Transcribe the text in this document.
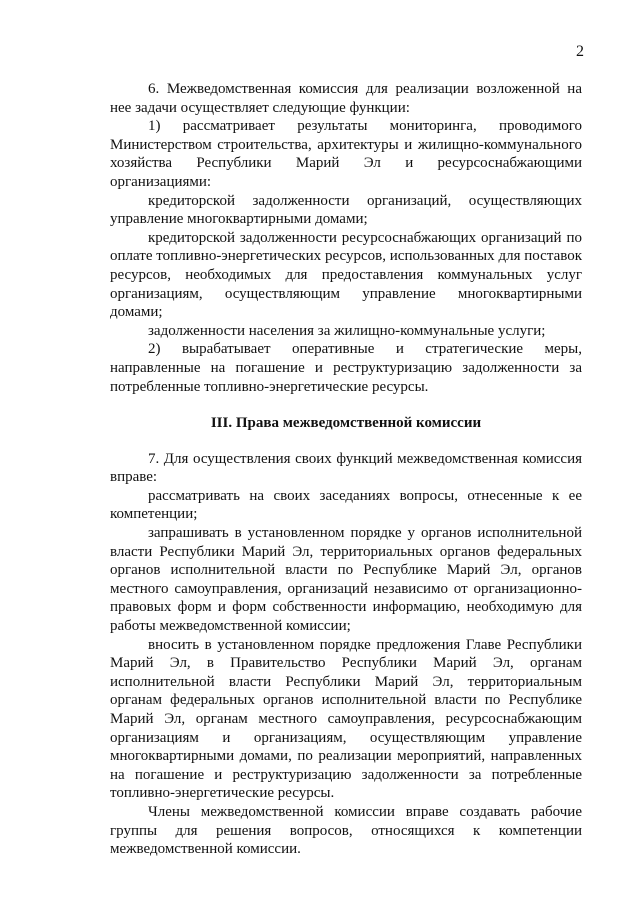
2

6. Межведомственная комиссия для реализации возложенной на нее задачи осуществляет следующие функции:

1) рассматривает результаты мониторинга, проводимого Министерством строительства, архитектуры и жилищно-коммунального хозяйства Республики Марий Эл и ресурсоснабжающими организациями:

кредиторской задолженности организаций, осуществляющих управление многоквартирными домами;

кредиторской задолженности ресурсоснабжающих организаций по оплате топливно-энергетических ресурсов, использованных для поставок ресурсов, необходимых для предоставления коммунальных услуг организациям, осуществляющим управление многоквартирными домами;

задолженности населения за жилищно-коммунальные услуги;

2) вырабатывает оперативные и стратегические меры, направленные на погашение и реструктуризацию задолженности за потребленные топливно-энергетические ресурсы.

III. Права межведомственной комиссии

7. Для осуществления своих функций межведомственная комиссия вправе:

рассматривать на своих заседаниях вопросы, отнесенные к ее компетенции;

запрашивать в установленном порядке у органов исполнительной власти Республики Марий Эл, территориальных органов федеральных органов исполнительной власти по Республике Марий Эл, органов местного самоуправления, организаций независимо от организационно-правовых форм и форм собственности информацию, необходимую для работы межведомственной комиссии;

вносить в установленном порядке предложения Главе Республики Марий Эл, в Правительство Республики Марий Эл, органам исполнительной власти Республики Марий Эл, территориальным органам федеральных органов исполнительной власти по Республике Марий Эл, органам местного самоуправления, ресурсоснабжающим организациям и организациям, осуществляющим управление многоквартирными домами, по реализации мероприятий, направленных на погашение и реструктуризацию задолженности за потребленные топливно-энергетические ресурсы.

Члены межведомственной комиссии вправе создавать рабочие группы для решения вопросов, относящихся к компетенции межведомственной комиссии.
